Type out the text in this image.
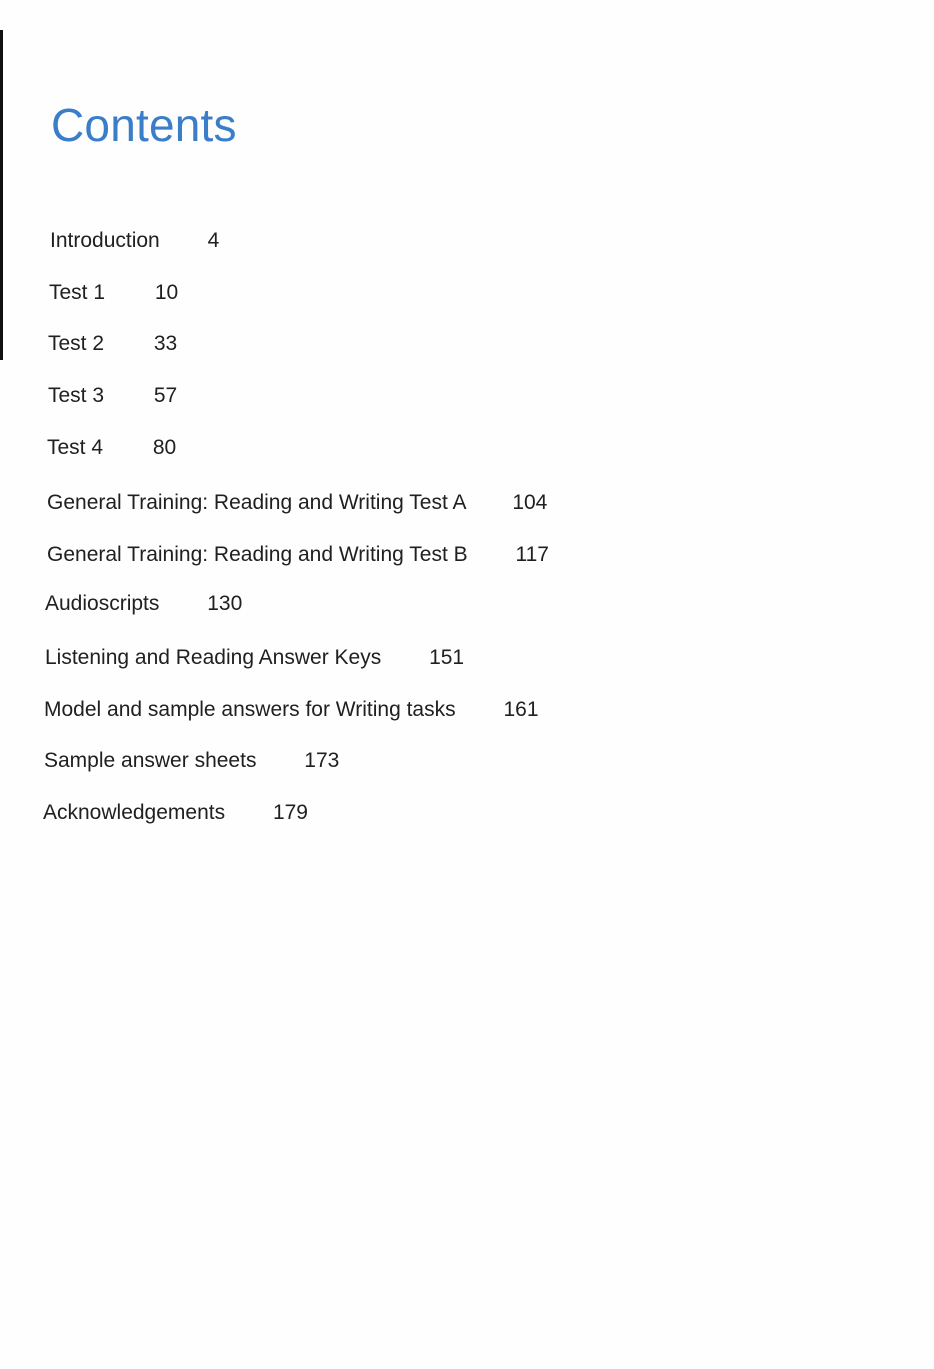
Contents
Introduction 4
Test 1 10
Test 2 33
Test 3 57
Test 4 80
General Training: Reading and Writing Test A 104
General Training: Reading and Writing Test B 117
Audioscripts 130
Listening and Reading Answer Keys 151
Model and sample answers for Writing tasks 161
Sample answer sheets 173
Acknowledgements 179
